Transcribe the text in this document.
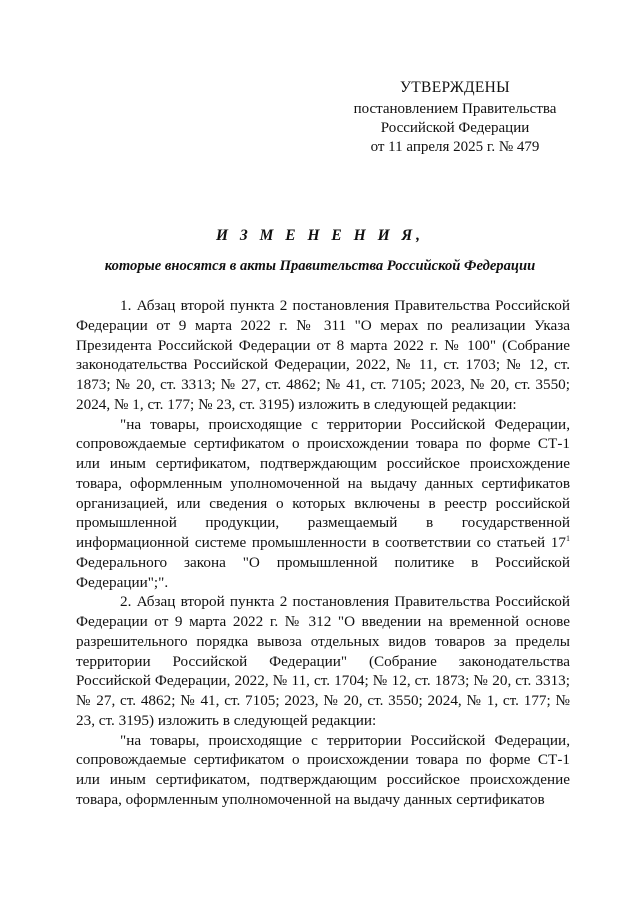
УТВЕРЖДЕНЫ
постановлением Правительства
Российской Федерации
от 11 апреля 2025 г. № 479
И З М Е Н Е Н И Я,
которые вносятся в акты Правительства Российской Федерации

1. Абзац второй пункта 2 постановления Правительства Российской Федерации от 9 марта 2022 г. № 311 "О мерах по реализации Указа Президента Российской Федерации от 8 марта 2022 г. № 100" (Собрание законодательства Российской Федерации, 2022, № 11, ст. 1703; № 12, ст. 1873; № 20, ст. 3313; № 27, ст. 4862; № 41, ст. 7105; 2023, № 20, ст. 3550; 2024, № 1, ст. 177; № 23, ст. 3195) изложить в следующей редакции:

"на товары, происходящие с территории Российской Федерации, сопровождаемые сертификатом о происхождении товара по форме СТ-1 или иным сертификатом, подтверждающим российское происхождение товара, оформленным уполномоченной на выдачу данных сертификатов организацией, или сведения о которых включены в реестр российской промышленной продукции, размещаемый в государственной информационной системе промышленности в соответствии со статьей $17^1$ Федерального закона "О промышленной политике в Российской Федерации";".

2. Абзац второй пункта 2 постановления Правительства Российской Федерации от 9 марта 2022 г. № 312 "О введении на временной основе разрешительного порядка вывоза отдельных видов товаров за пределы территории Российской Федерации" (Собрание законодательства Российской Федерации, 2022, № 11, ст. 1704; № 12, ст. 1873; № 20, ст. 3313; № 27, ст. 4862; № 41, ст. 7105; 2023, № 20, ст. 3550; 2024, № 1, ст. 177; № 23, ст. 3195) изложить в следующей редакции:

"на товары, происходящие с территории Российской Федерации, сопровождаемые сертификатом о происхождении товара по форме СТ-1 или иным сертификатом, подтверждающим российское происхождение товара, оформленным уполномоченной на выдачу данных сертификатов
